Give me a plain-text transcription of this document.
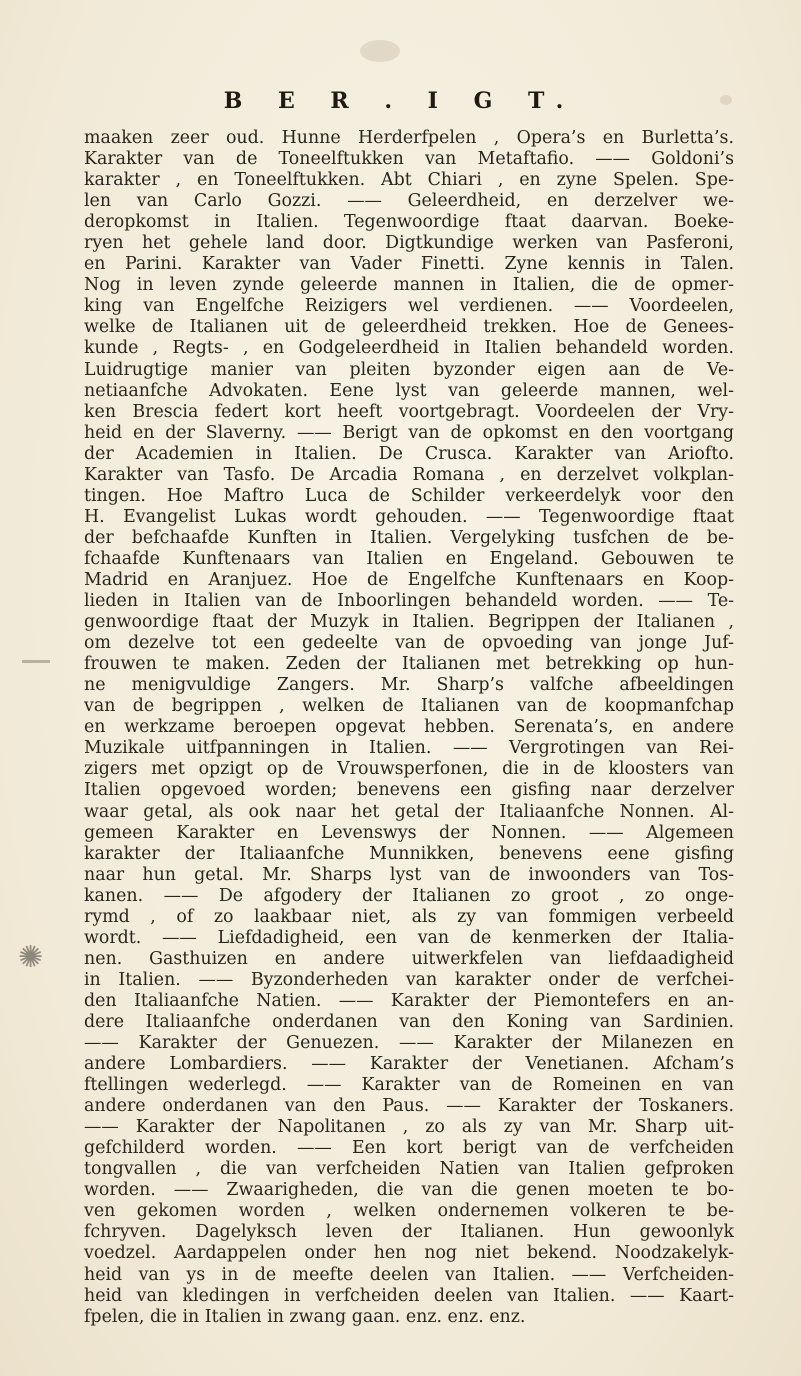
✺
B E R . I G T.
maaken zeer oud. Hunne Herderfpelen , Opera’s en Burletta’s.
Karakter van de Toneelftukken van Metaftafio. —— Goldoni’s
karakter , en Toneelftukken. Abt Chiari , en zyne Spelen. Spe-
len van Carlo Gozzi. —— Geleerdheid, en derzelver we-
deropkomst in Italien. Tegenwoordige ftaat daarvan. Boeke-
ryen het gehele land door. Digtkundige werken van Pasferoni,
en Parini. Karakter van Vader Finetti. Zyne kennis in Talen.
Nog in leven zynde geleerde mannen in Italien, die de opmer-
king van Engelfche Reizigers wel verdienen. —— Voordeelen,
welke de Italianen uit de geleerdheid trekken. Hoe de Genees-
kunde , Regts- , en Godgeleerdheid in Italien behandeld worden.
Luidrugtige manier van pleiten byzonder eigen aan de Ve-
netiaanfche Advokaten. Eene lyst van geleerde mannen, wel-
ken Brescia federt kort heeft voortgebragt. Voordeelen der Vry-
heid en der Slaverny. —— Berigt van de opkomst en den voortgang
der Academien in Italien. De Crusca. Karakter van Ariofto.
Karakter van Tasfo. De Arcadia Romana , en derzelvet volkplan-
tingen. Hoe Maftro Luca de Schilder verkeerdelyk voor den
H. Evangelist Lukas wordt gehouden. —— Tegenwoordige ftaat
der befchaafde Kunften in Italien. Vergelyking tusfchen de be-
fchaafde Kunftenaars van Italien en Engeland. Gebouwen te
Madrid en Aranjuez. Hoe de Engelfche Kunftenaars en Koop-
lieden in Italien van de Inboorlingen behandeld worden. —— Te-
genwoordige ftaat der Muzyk in Italien. Begrippen der Italianen ,
om dezelve tot een gedeelte van de opvoeding van jonge Juf-
frouwen te maken. Zeden der Italianen met betrekking op hun-
ne menigvuldige Zangers. Mr. Sharp’s valfche afbeeldingen
van de begrippen , welken de Italianen van de koopmanfchap
en werkzame beroepen opgevat hebben. Serenata’s, en andere
Muzikale uitfpanningen in Italien. —— Vergrotingen van Rei-
zigers met opzigt op de Vrouwsperfonen, die in de kloosters van
Italien opgevoed worden; benevens een gisfing naar derzelver
waar getal, als ook naar het getal der Italiaanfche Nonnen. Al-
gemeen Karakter en Levenswys der Nonnen. —— Algemeen
karakter der Italiaanfche Munnikken, benevens eene gisfing
naar hun getal. Mr. Sharps lyst van de inwoonders van Tos-
kanen. —— De afgodery der Italianen zo groot , zo onge-
rymd , of zo laakbaar niet, als zy van fommigen verbeeld
wordt. —— Liefdadigheid, een van de kenmerken der Italia-
nen. Gasthuizen en andere uitwerkfelen van liefdaadigheid
in Italien. —— Byzonderheden van karakter onder de verfchei-
den Italiaanfche Natien. —— Karakter der Piemontefers en an-
dere Italiaanfche onderdanen van den Koning van Sardinien.
—— Karakter der Genuezen. —— Karakter der Milanezen en
andere Lombardiers. —— Karakter der Venetianen. Afcham’s
ftellingen wederlegd. —— Karakter van de Romeinen en van
andere onderdanen van den Paus. —— Karakter der Toskaners.
—— Karakter der Napolitanen , zo als zy van Mr. Sharp uit-
gefchilderd worden. —— Een kort berigt van de verfcheiden
tongvallen , die van verfcheiden Natien van Italien gefproken
worden. —— Zwaarigheden, die van die genen moeten te bo-
ven gekomen worden , welken ondernemen volkeren te be-
fchryven. Dagelyksch leven der Italianen. Hun gewoonlyk
voedzel. Aardappelen onder hen nog niet bekend. Noodzakelyk-
heid van ys in de meefte deelen van Italien. —— Verfcheiden-
heid van kledingen in verfcheiden deelen van Italien. —— Kaart-
fpelen, die in Italien in zwang gaan. enz. enz. enz.
